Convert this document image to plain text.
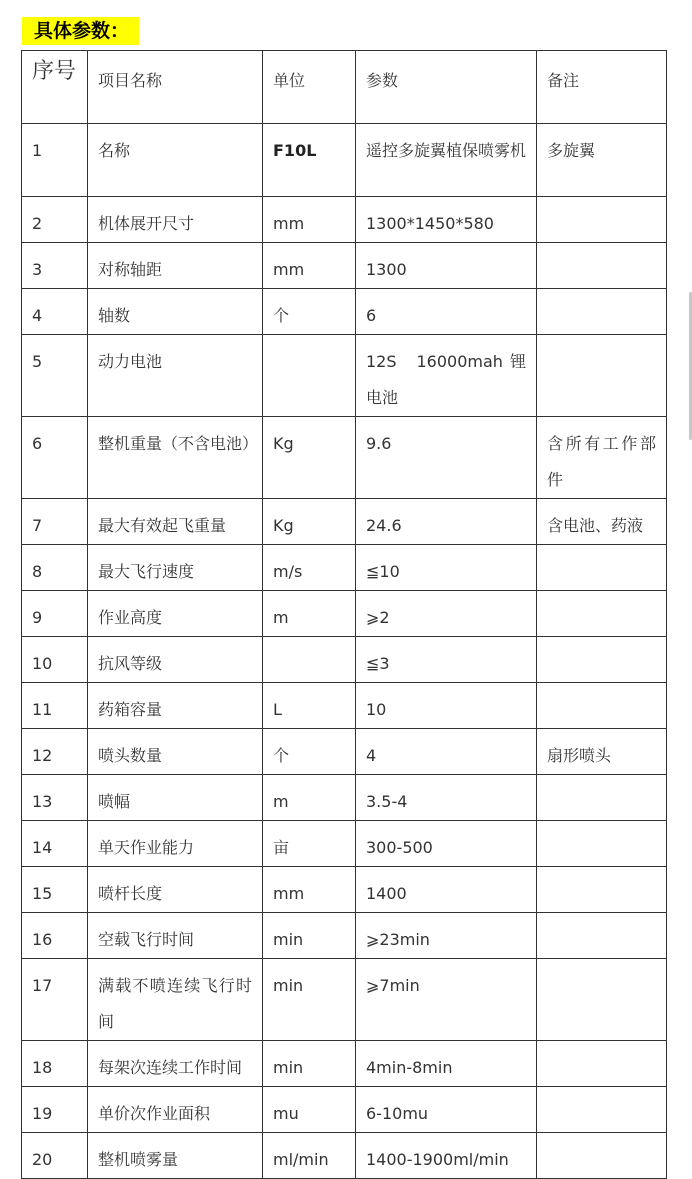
具体参数：
序号	项目名称	单位	参数	备注
1	名称	F10L	遥控多旋翼植保喷雾机	多旋翼
2	机体展开尺寸	mm	1300*1450*580	
3	对称轴距	mm	1300	
4	轴数	个	6	
5	动力电池		12S　16000mah 锂电池	
6	整机重量（不含电池）	Kg	9.6	含所有工作部件
7	最大有效起飞重量	Kg	24.6	含电池、药液
8	最大飞行速度	m/s	≦10	
9	作业高度	m	⩾2	
10	抗风等级		≦3	
11	药箱容量	L	10	
12	喷头数量	个	4	扇形喷头
13	喷幅	m	3.5-4	
14	单天作业能力	亩	300-500	
15	喷杆长度	mm	1400	
16	空载飞行时间	min	⩾23min	
17	满载不喷连续飞行时间	min	⩾7min	
18	每架次连续工作时间	min	4min-8min	
19	单价次作业面积	mu	6-10mu	
20	整机喷雾量	ml/min	1400-1900ml/min	
